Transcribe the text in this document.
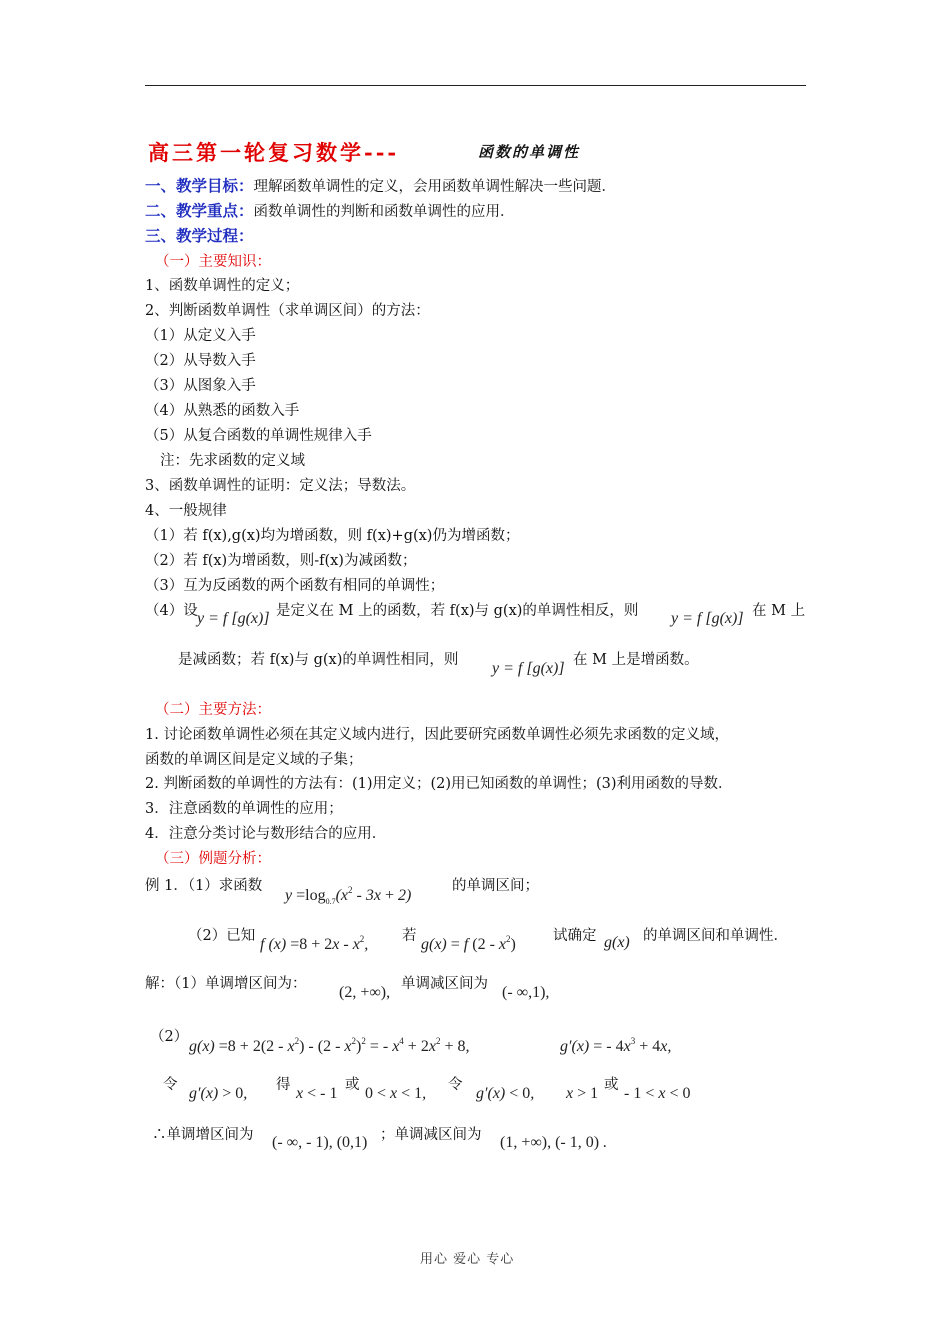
高三第一轮复习数学---	函数的单调性
一、教学目标：理解函数单调性的定义，会用函数单调性解决一些问题．
二、教学重点：函数单调性的判断和函数单调性的应用．
三、教学过程：
（一）主要知识：
1、函数单调性的定义；
2、判断函数单调性（求单调区间）的方法：
（1）从定义入手
（2）从导数入手
（3）从图象入手
（4）从熟悉的函数入手
（5）从复合函数的单调性规律入手
注：先求函数的定义域
3、函数单调性的证明：定义法；导数法。
4、一般规律
（1）若 f(x),g(x)均为增函数，则 f(x)+g(x)仍为增函数；
（2）若 f(x)为增函数，则-f(x)为减函数；
（3）互为反函数的两个函数有相同的单调性；
（4）设 y = f [g(x)] 是定义在 M 上的函数，若 f(x)与 g(x)的单调性相反，则 y = f [g(x)] 在 M 上
是减函数；若 f(x)与 g(x)的单调性相同，则 y = f [g(x)] 在 M 上是增函数。
（二）主要方法：
1. 讨论函数单调性必须在其定义域内进行，因此要研究函数单调性必须先求函数的定义域，
函数的单调区间是定义域的子集；
2. 判断函数的单调性的方法有：(1)用定义；(2)用已知函数的单调性；(3)利用函数的导数．
3．注意函数的单调性的应用；
4．注意分类讨论与数形结合的应用．
（三）例题分析：
例 1．（1）求函数
$y =\log_{0.7}(x^2 - 3x + 2)$
的单调区间；
（2）已知 f $(x) =8 + 2x - x^2$, 若 g(x) = f $(2 - x^2)$	试确定 g(x) 的单调区间和单调性．
解：（1）单调增区间为： (2, +∞), 单调减区间为 (- ∞,1),
（2）
$g(x) =8 + 2(2 - x^2) - (2 - x^2)^2$ = - $x^4 + 2x^2 + 8$,	g′(x) = - $4x^3 + 4x$,
令 g′(x) > 0, 得 x < - 1 或 0 < x < 1, 令 g′(x) < 0, x > 1 或 - 1 < x < 0
∴单调增区间为 (- ∞, - 1), (0,1) ；单调减区间为 (1, +∞), (- 1, 0) .
用心 爱心 专心
